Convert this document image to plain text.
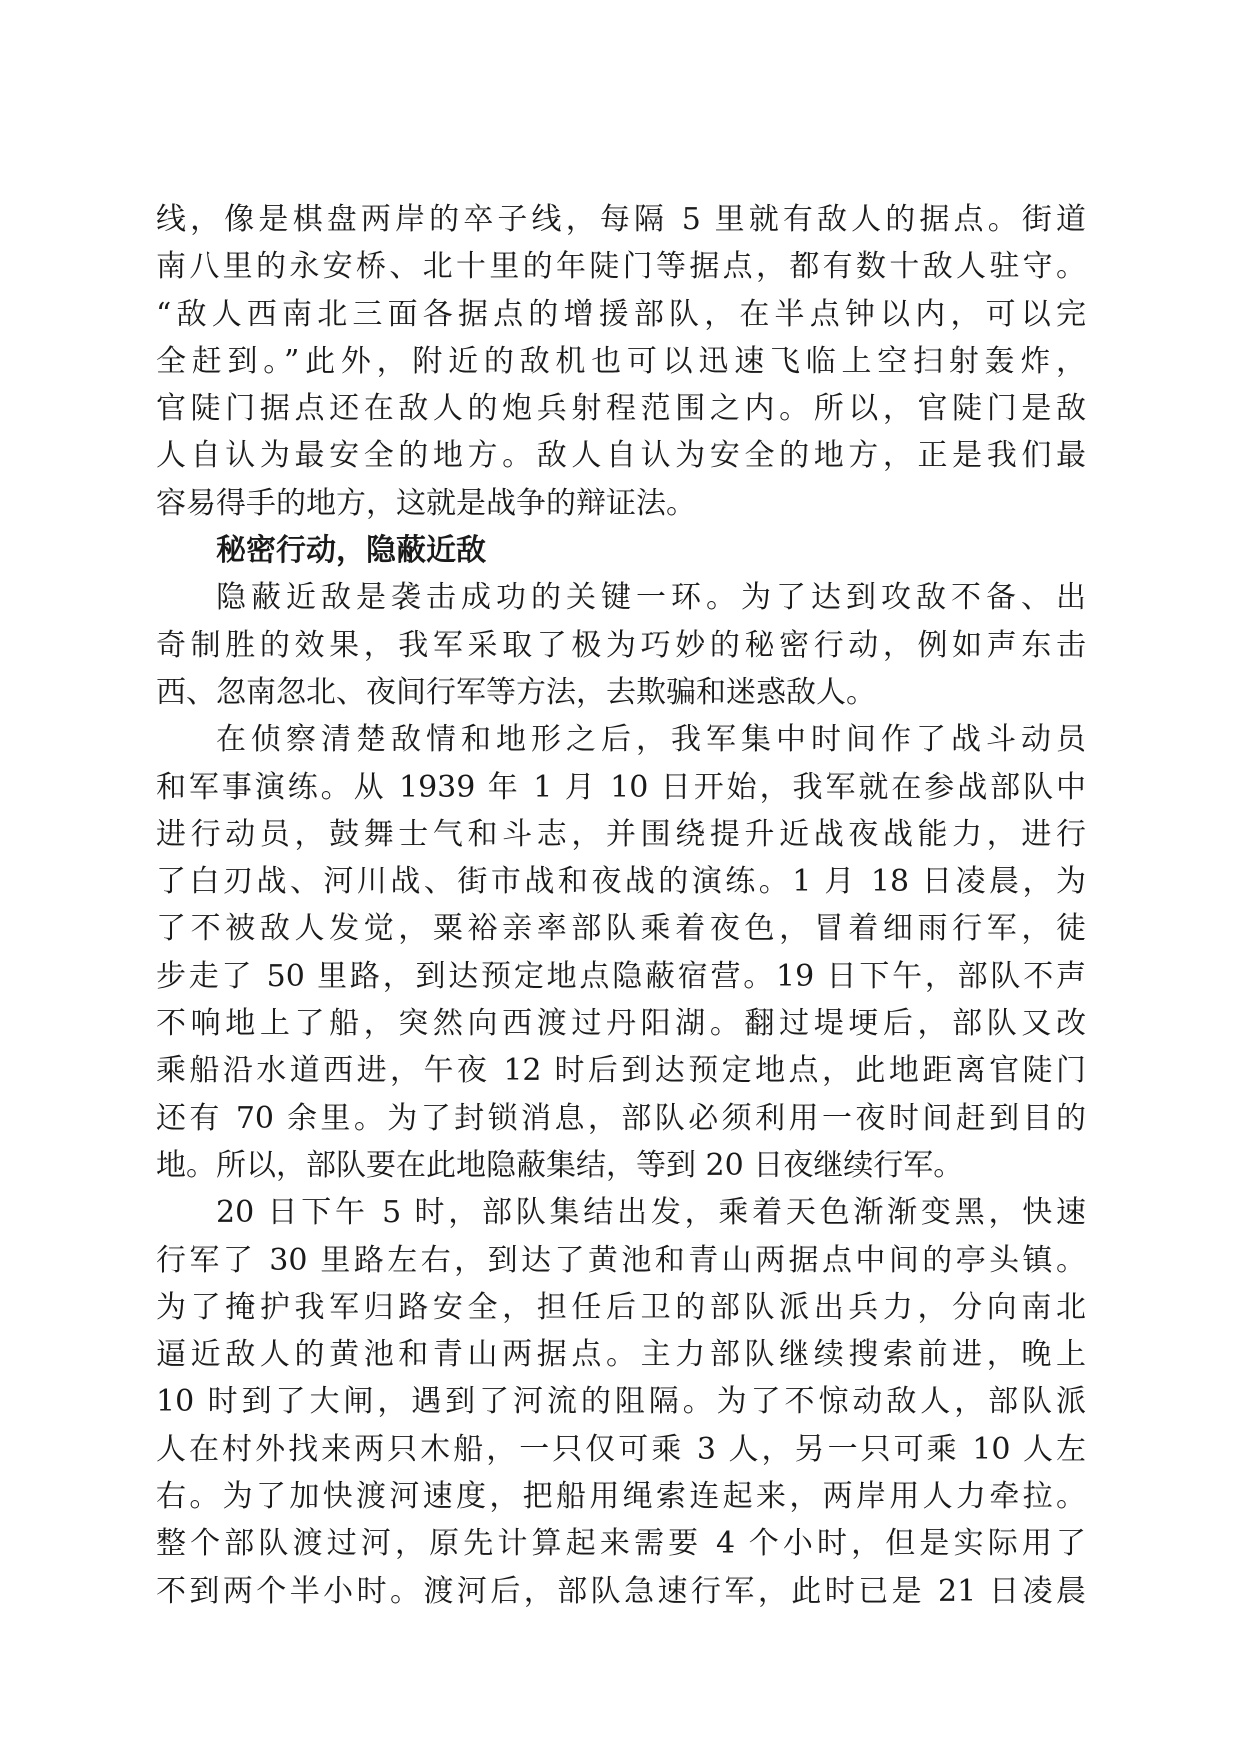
线，像是棋盘两岸的卒子线，每隔 5 里就有敌人的据点。街道
南八里的永安桥、北十里的年陡门等据点，都有数十敌人驻守。
“敌人西南北三面各据点的增援部队，在半点钟以内，可以完
全赶到。”此外，附近的敌机也可以迅速飞临上空扫射轰炸，
官陡门据点还在敌人的炮兵射程范围之内。所以，官陡门是敌
人自认为最安全的地方。敌人自认为安全的地方，正是我们最
容易得手的地方，这就是战争的辩证法。
秘密行动，隐蔽近敌
隐蔽近敌是袭击成功的关键一环。为了达到攻敌不备、出
奇制胜的效果，我军采取了极为巧妙的秘密行动，例如声东击
西、忽南忽北、夜间行军等方法，去欺骗和迷惑敌人。
在侦察清楚敌情和地形之后，我军集中时间作了战斗动员
和军事演练。从 1939 年 1 月 10 日开始，我军就在参战部队中
进行动员，鼓舞士气和斗志，并围绕提升近战夜战能力，进行
了白刃战、河川战、街市战和夜战的演练。1 月 18 日凌晨，为
了不被敌人发觉，粟裕亲率部队乘着夜色，冒着细雨行军，徒
步走了 50 里路，到达预定地点隐蔽宿营。19 日下午，部队不声
不响地上了船，突然向西渡过丹阳湖。翻过堤埂后，部队又改
乘船沿水道西进，午夜 12 时后到达预定地点，此地距离官陡门
还有 70 余里。为了封锁消息，部队必须利用一夜时间赶到目的
地。所以，部队要在此地隐蔽集结，等到 20 日夜继续行军。
20 日下午 5 时，部队集结出发，乘着天色渐渐变黑，快速
行军了 30 里路左右，到达了黄池和青山两据点中间的亭头镇。
为了掩护我军归路安全，担任后卫的部队派出兵力，分向南北
逼近敌人的黄池和青山两据点。主力部队继续搜索前进，晚上
10 时到了大闸，遇到了河流的阻隔。为了不惊动敌人，部队派
人在村外找来两只木船，一只仅可乘 3 人，另一只可乘 10 人左
右。为了加快渡河速度，把船用绳索连起来，两岸用人力牵拉。
整个部队渡过河，原先计算起来需要 4 个小时，但是实际用了
不到两个半小时。渡河后，部队急速行军，此时已是 21 日凌晨
